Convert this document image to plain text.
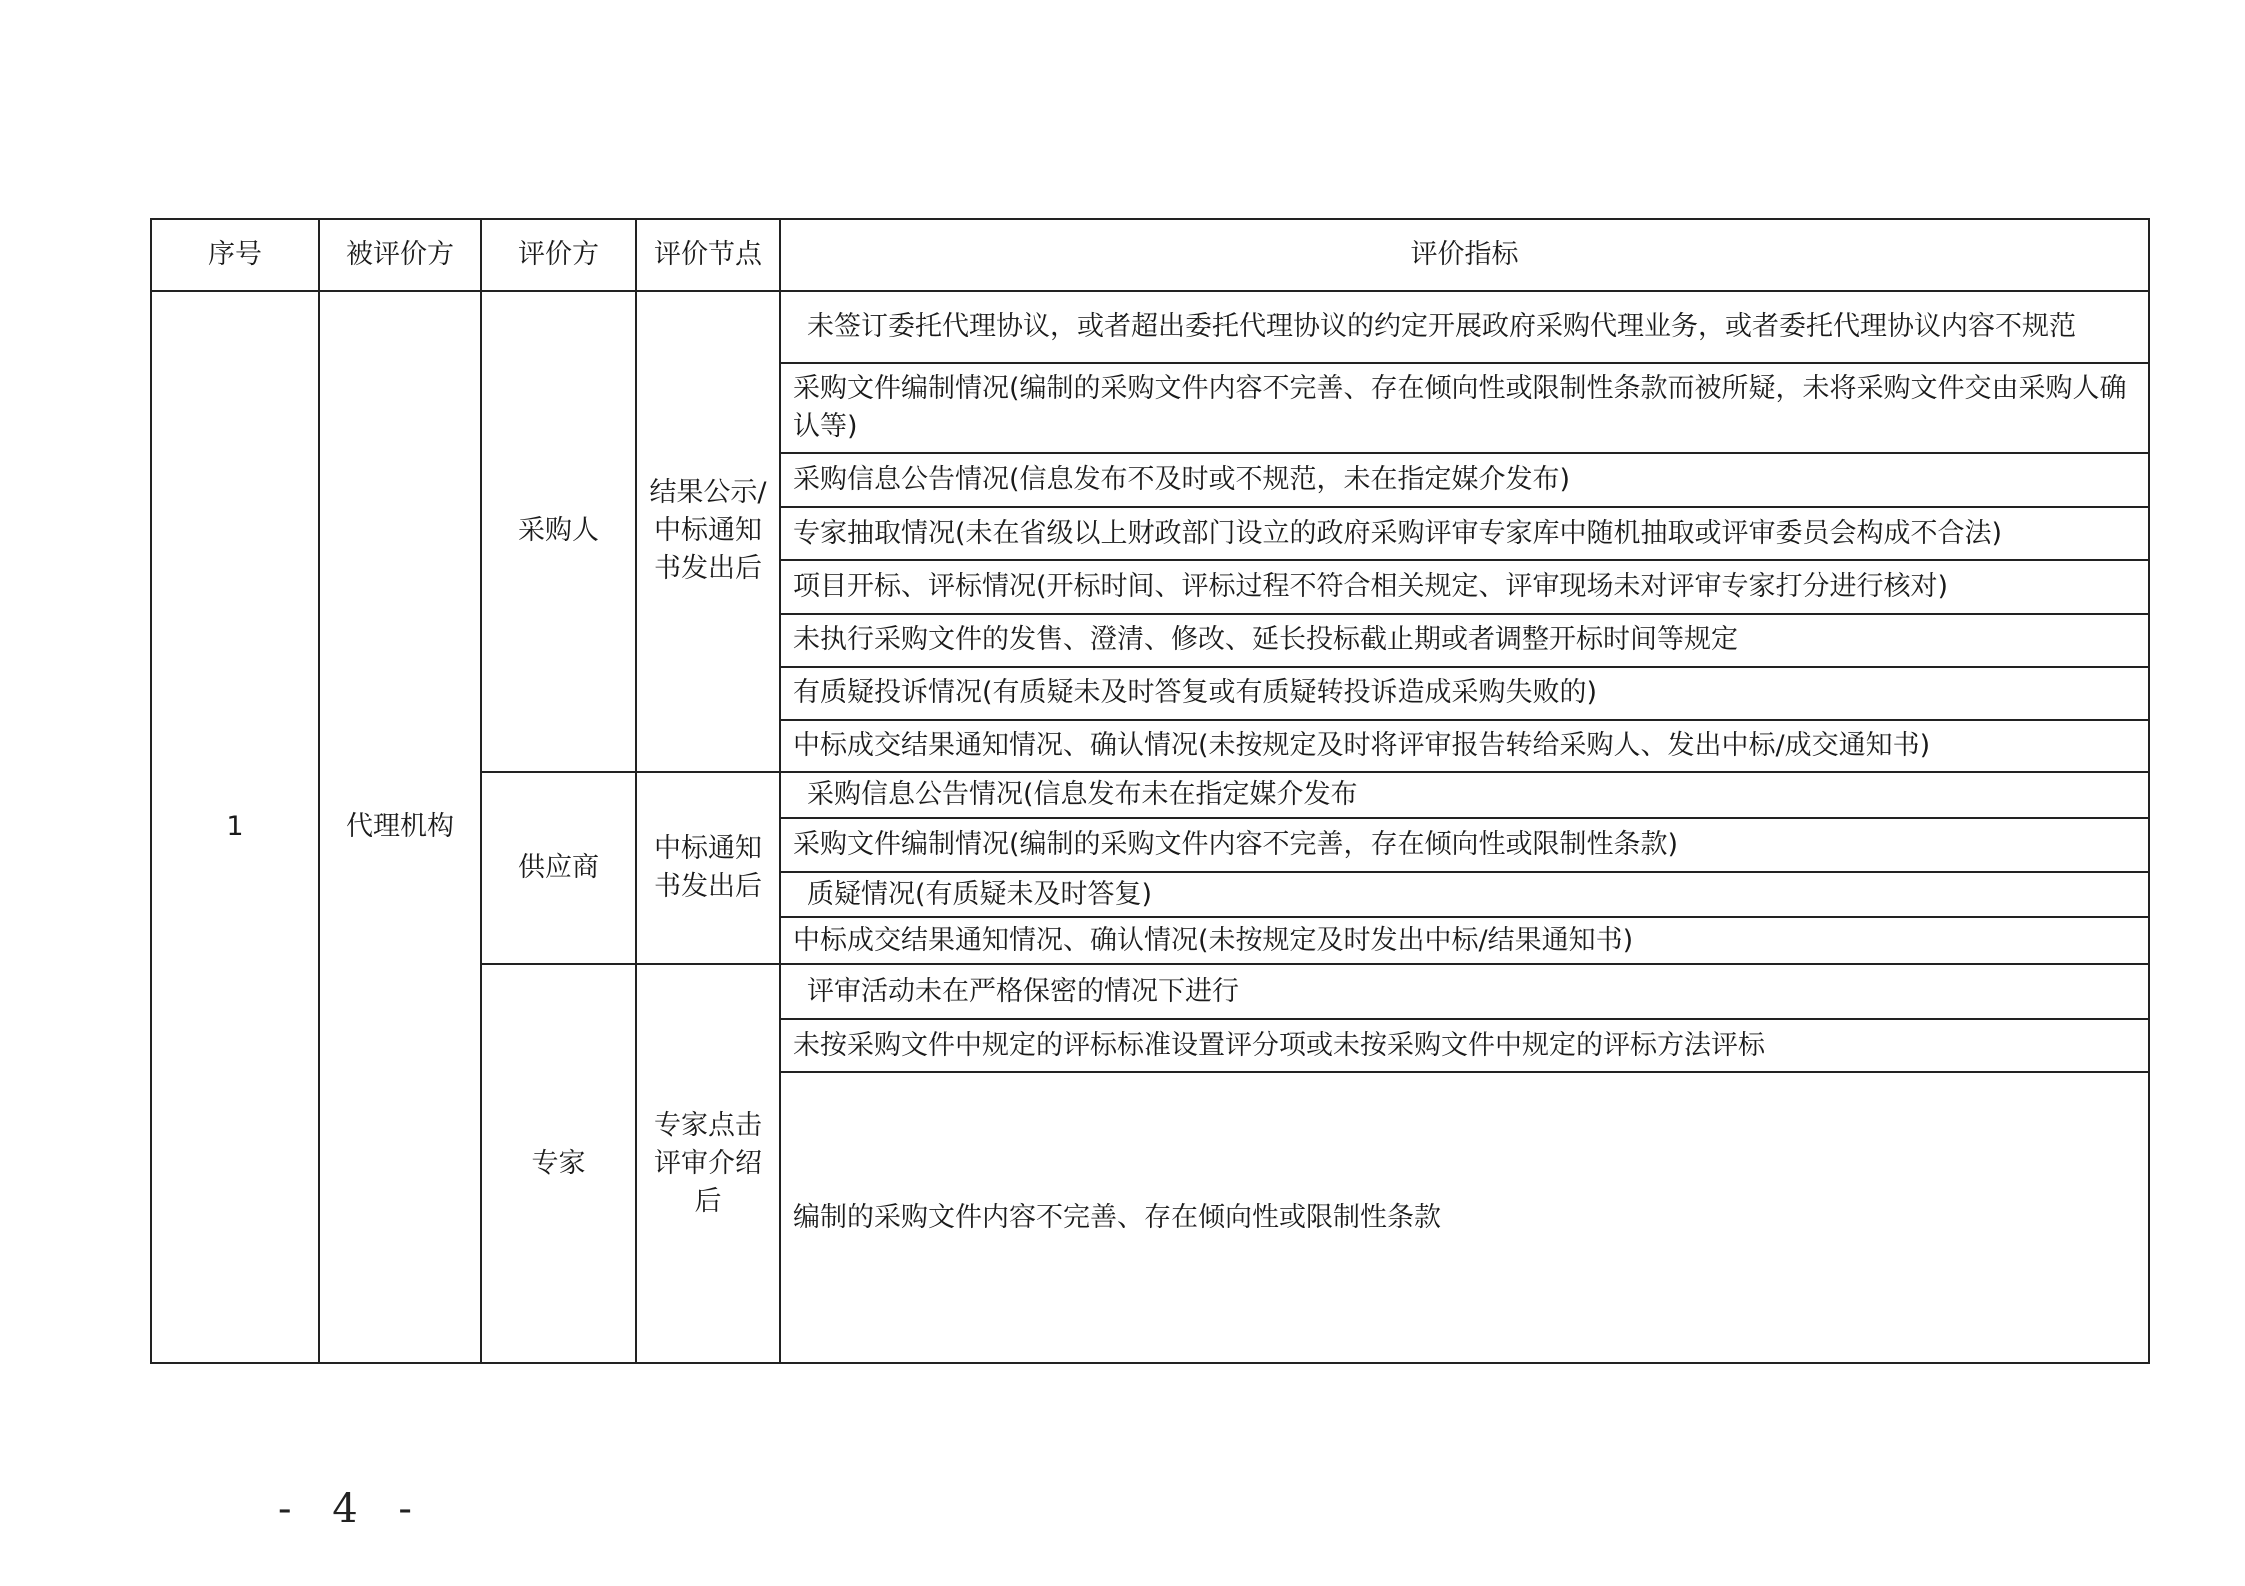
序号	被评价方	评价方	评价节点	评价指标
1	代理机构	采购人	结果公示/中标通知书发出后	未签订委托代理协议，或者超出委托代理协议的约定开展政府采购代理业务，或者委托代理协议内容不规范
				采购文件编制情况(编制的采购文件内容不完善、存在倾向性或限制性条款而被所疑，未将采购文件交由采购人确认等)
				采购信息公告情况(信息发布不及时或不规范，未在指定媒介发布)
				专家抽取情况(未在省级以上财政部门设立的政府采购评审专家库中随机抽取或评审委员会构成不合法)
				项目开标、评标情况(开标时间、评标过程不符合相关规定、评审现场未对评审专家打分进行核对)
				未执行采购文件的发售、澄清、修改、延长投标截止期或者调整开标时间等规定
				有质疑投诉情况(有质疑未及时答复或有质疑转投诉造成采购失败的)
				中标成交结果通知情况、确认情况(未按规定及时将评审报告转给采购人、发出中标/成交通知书)
		供应商	中标通知书发出后	采购信息公告情况(信息发布未在指定媒介发布
				采购文件编制情况(编制的采购文件内容不完善，存在倾向性或限制性条款)
				质疑情况(有质疑未及时答复)
				中标成交结果通知情况、确认情况(未按规定及时发出中标/结果通知书)
		专家	专家点击评审介绍后	评审活动未在严格保密的情况下进行
				未按采购文件中规定的评标标准设置评分项或未按采购文件中规定的评标方法评标
				编制的采购文件内容不完善、存在倾向性或限制性条款
- 4 -
